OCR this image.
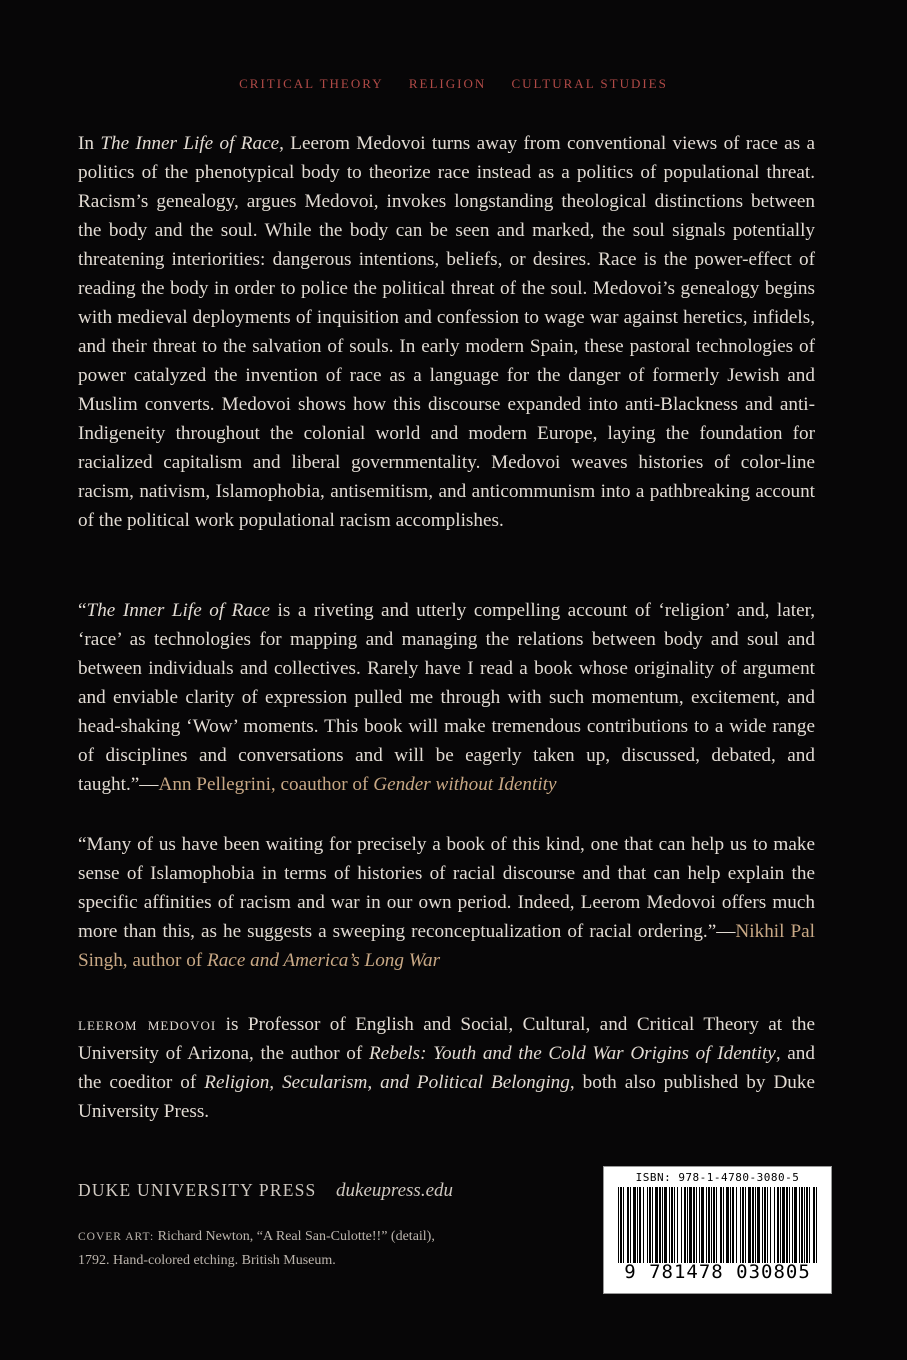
CRITICAL THEORY RELIGION CULTURAL STUDIES
In The Inner Life of Race, Leerom Medovoi turns away from conventional views of race as a politics of the phenotypical body to theorize race instead as a politics of populational threat. Racism’s genealogy, argues Medovoi, invokes longstanding theological distinctions between the body and the soul. While the body can be seen and marked, the soul signals potentially threatening interiorities: dangerous intentions, beliefs, or desires. Race is the power-effect of reading the body in order to police the political threat of the soul. Medovoi’s genealogy begins with medieval deployments of inquisition and confession to wage war against heretics, infidels, and their threat to the salvation of souls. In early modern Spain, these pastoral technologies of power catalyzed the invention of race as a language for the danger of formerly Jewish and Muslim converts. Medovoi shows how this discourse expanded into anti-Blackness and anti-Indigeneity throughout the colonial world and modern Europe, laying the foundation for racialized capitalism and liberal governmentality. Medovoi weaves histories of color-line racism, nativism, Islamophobia, antisemitism, and anticommunism into a pathbreaking account of the political work populational racism accomplishes.
“The Inner Life of Race is a riveting and utterly compelling account of ‘religion’ and, later, ‘race’ as technologies for mapping and managing the relations between body and soul and between individuals and collectives. Rarely have I read a book whose originality of argument and enviable clarity of expression pulled me through with such momentum, excitement, and head-shaking ‘Wow’ moments. This book will make tremendous contributions to a wide range of disciplines and conversations and will be eagerly taken up, discussed, debated, and taught.”—Ann Pellegrini, coauthor of Gender without Identity
“Many of us have been waiting for precisely a book of this kind, one that can help us to make sense of Islamophobia in terms of histories of racial discourse and that can help explain the specific affinities of racism and war in our own period. Indeed, Leerom Medovoi offers much more than this, as he suggests a sweeping reconceptualization of racial ordering.”—Nikhil Pal Singh, author of Race and America’s Long War
leerom medovoi is Professor of English and Social, Cultural, and Critical Theory at the University of Arizona, the author of Rebels: Youth and the Cold War Origins of Identity, and the coeditor of Religion, Secularism, and Political Belonging, both also published by Duke University Press.
DUKE UNIVERSITY PRESS dukeupress.edu
COVER ART: Richard Newton, “A Real San-Culotte!!” (detail), 1792. Hand-colored etching. British Museum.
ISBN: 978-1-4780-3080-5
9 781478 030805
